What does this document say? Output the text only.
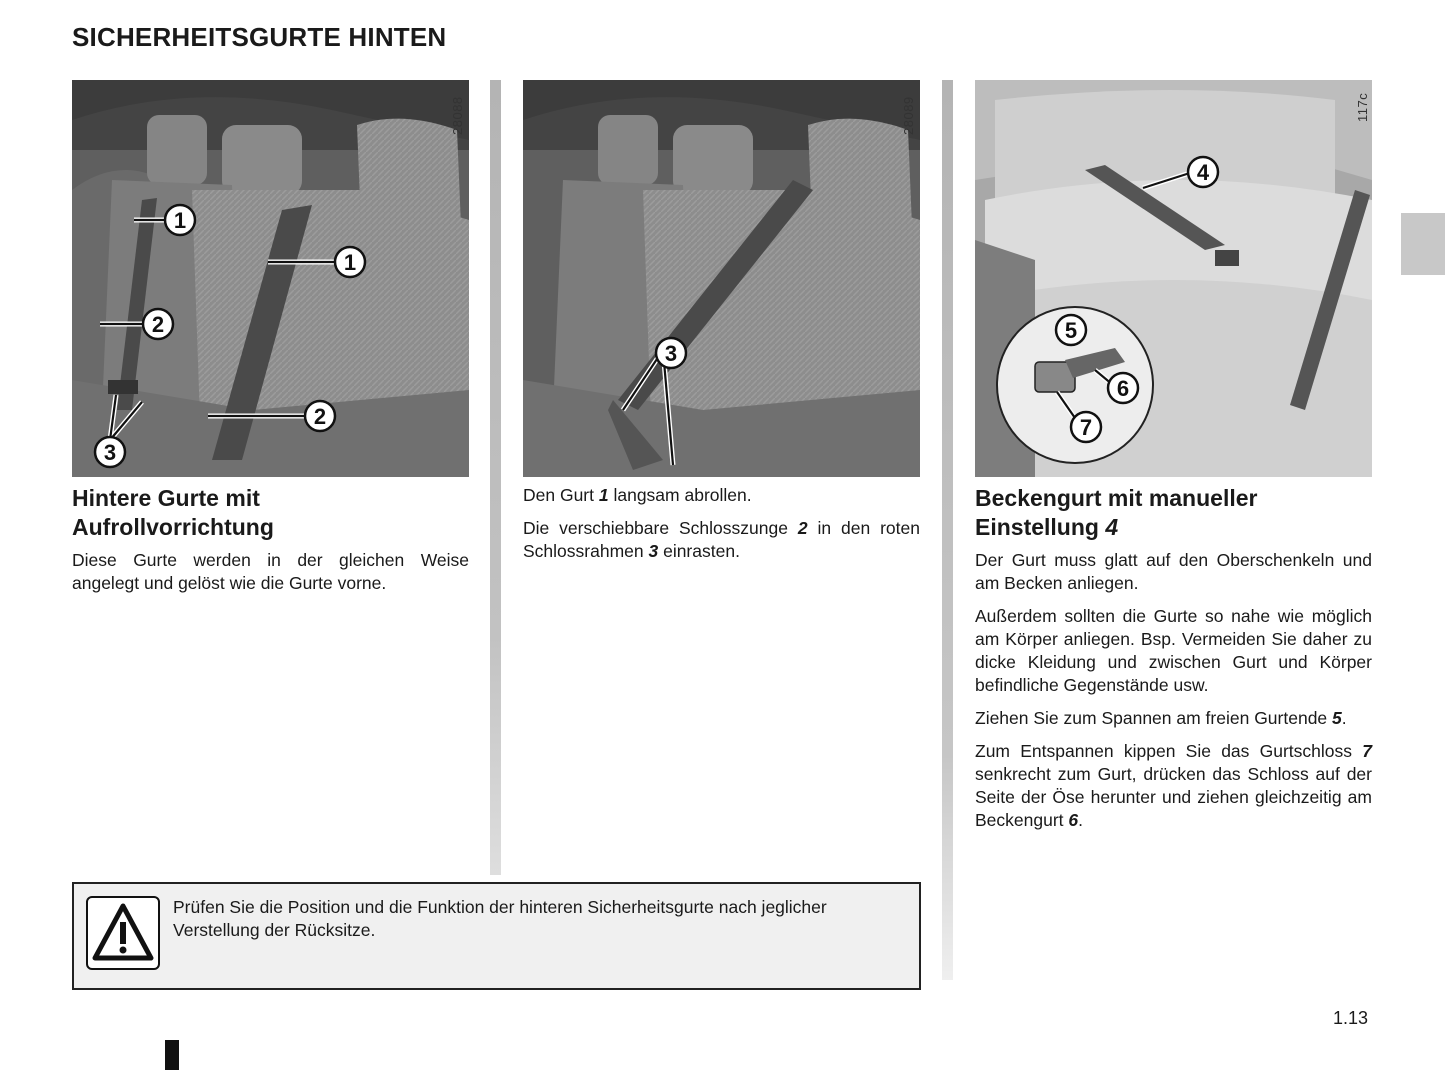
SICHERHEITSGURTE HINTEN
1
1
2
2
3
28088
3
28089
4
5
6
7
117c
Hintere Gurte mit
Aufrollvorrichtung

Diese Gurte werden in der gleichen Weise angelegt und gelöst wie die Gurte vorne.

Den Gurt 1 langsam abrollen.

Die verschiebbare Schlosszunge 2 in den roten Schlossrahmen 3 einrasten.

Beckengurt mit manueller
Einstellung 4

Der Gurt muss glatt auf den Oberschenkeln und am Becken anliegen.

Außerdem sollten die Gurte so nahe wie möglich am Körper anliegen. Bsp. Vermeiden Sie daher zu dicke Kleidung und zwischen Gurt und Körper befindliche Gegenstände usw.

Ziehen Sie zum Spannen am freien Gurtende 5.

Zum Entspannen kippen Sie das Gurtschloss 7 senkrecht zum Gurt, drücken das Schloss auf der Seite der Öse herunter und ziehen gleichzeitig am Beckengurt 6.

Prüfen Sie die Position und die Funktion der hinteren Sicherheitsgurte nach jeglicher Verstellung der Rücksitze.
1.13
